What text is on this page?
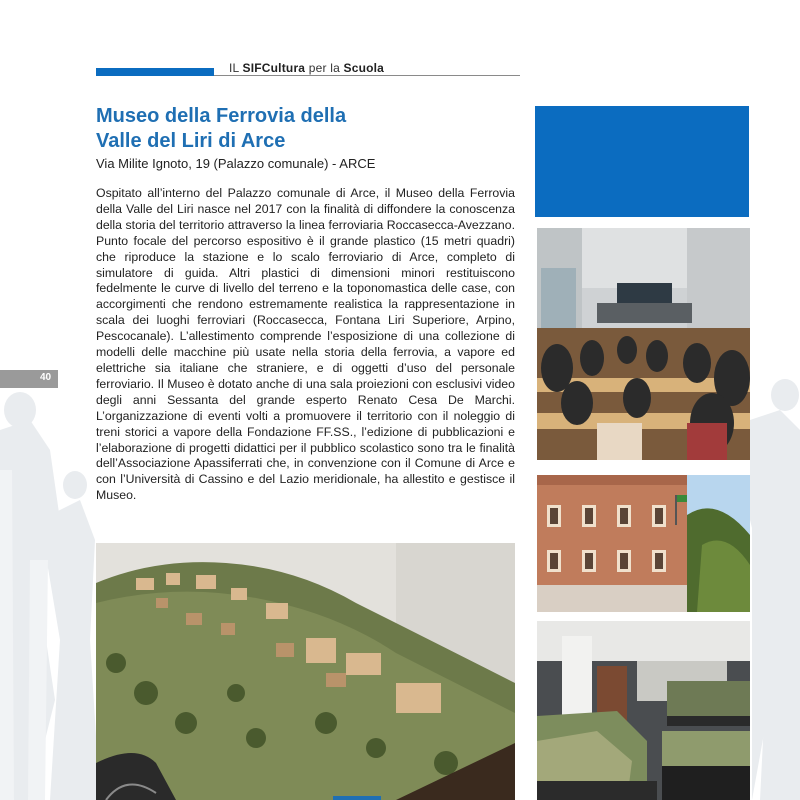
IL SIFCultura per la Scuola
Museo della Ferrovia della
Valle del Liri di Arce
Via Milite Ignoto, 19 (Palazzo comunale) - ARCE
Ospitato all’interno del Palazzo comunale di Arce, il Museo della Ferrovia della Valle del Liri nasce nel 2017 con la finalità di diffondere la conoscenza della storia del territorio attraverso la linea ferroviaria Roccasecca-Avezzano. Punto focale del percorso espositivo è il grande plastico (15 metri quadri) che riproduce la stazione e lo scalo ferroviario di Arce, completo di simulatore di guida. Altri plastici di dimensioni minori restituiscono fedelmente le curve di livello del terreno e la toponomastica delle case, con accorgimenti che rendono estremamente realistica la rappresentazione in scala dei luoghi ferroviari (Roccasecca, Fontana Liri Superiore, Arpino, Pescocanale). L’allestimento comprende l’esposizione di una collezione di modelli delle macchine più usate nella storia della ferrovia, a vapore ed elettriche sia italiane che straniere, e di oggetti d’uso del personale ferroviario. Il Museo è dotato anche di una sala proiezioni con esclusivi video degli anni Sessanta del grande esperto Renato Cesa De Marchi. L’organizzazione di eventi volti a promuovere il territorio con il noleggio di treni storici a vapore della Fondazione FF.SS., l’edizione di pubblicazioni e l’elaborazione di progetti didattici per il pubblico scolastico sono tra le finalità dell’Associazione Apassiferrati che, in convenzione con il Comune di Arce e con l’Università di Cassino e del Lazio meridionale, ha allestito e gestisce il Museo.
40
